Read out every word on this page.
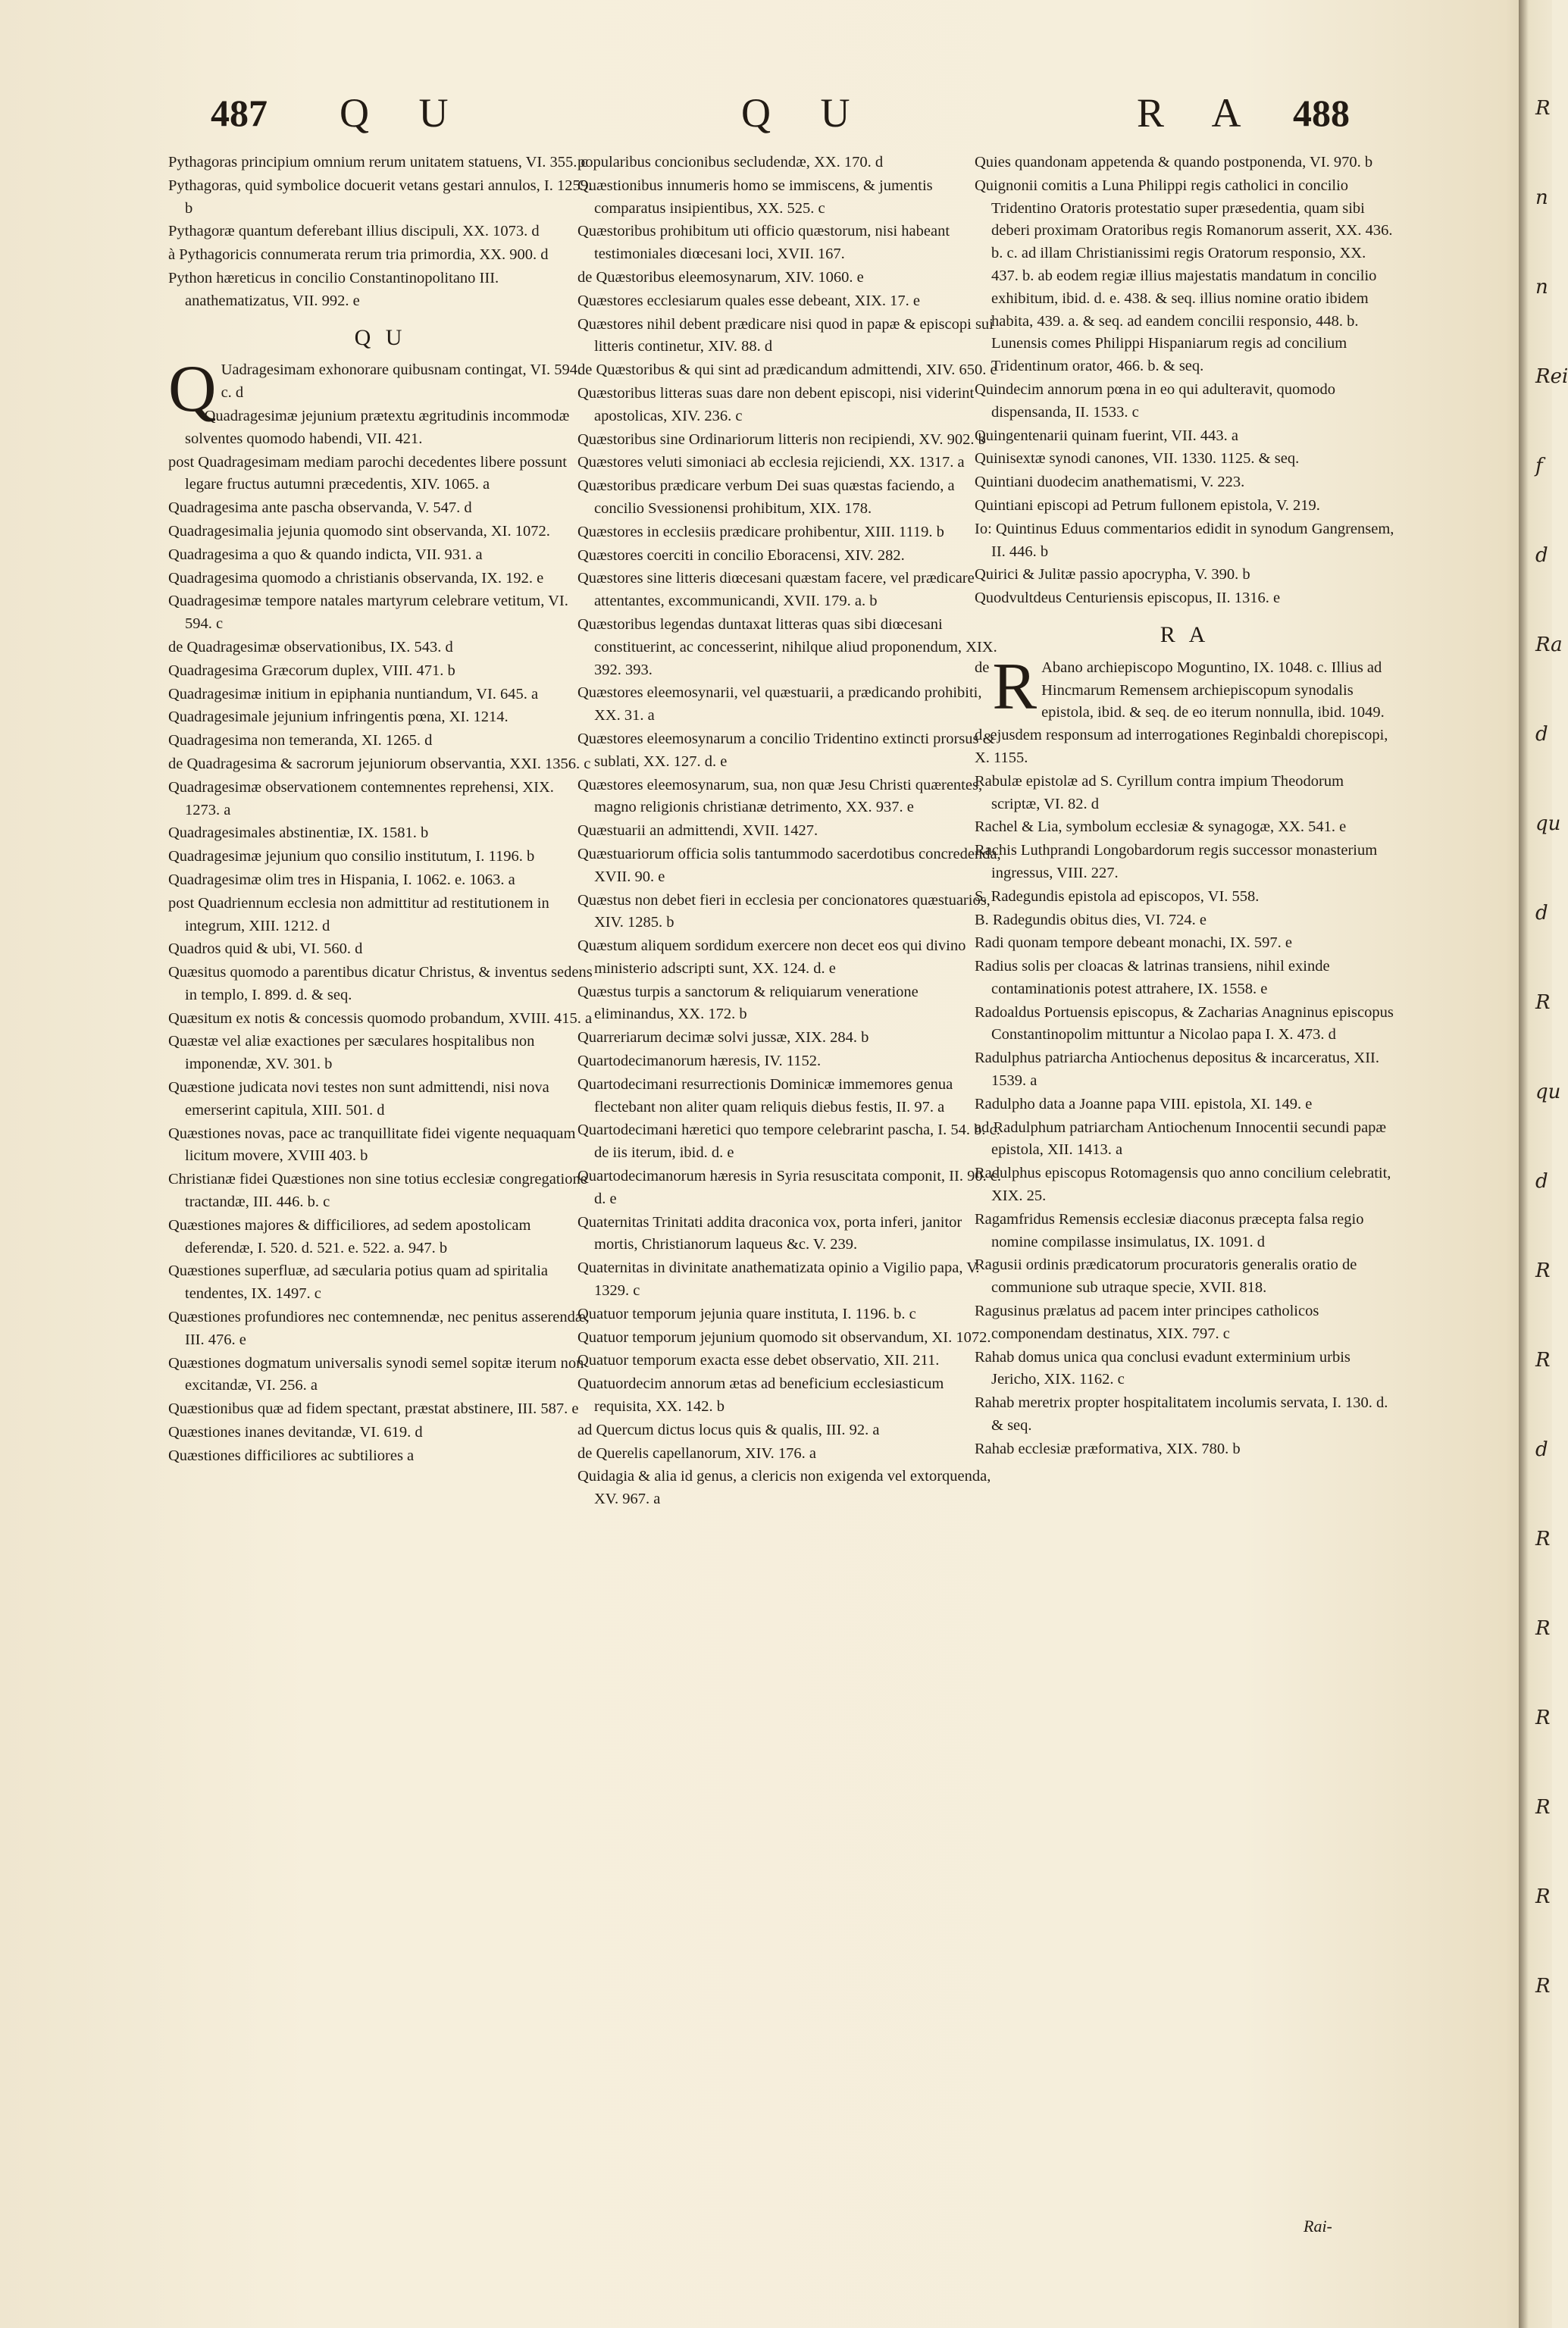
487 Q U	Q U	R A 488
Pythagoras principium omnium rerum unitatem statuens, VI. 355. c
Pythagoras, quid symbolice docuerit vetans gestari annulos, I. 1259. b
Pythagoræ quantum deferebant illius discipuli, XX. 1073. d
à Pythagoricis connumerata rerum tria primordia, XX. 900. d
Python hæreticus in concilio Constantinopolitano III. anathematizatus, VII. 992. e
Q U
Q Uadragesimam exhonorare quibusnam contingat, VI. 594. c. d
Quadragesimæ jejunium prætextu ægritudinis incommodæ solventes quomodo habendi, VII. 421.
post Quadragesimam mediam parochi decedentes libere possunt legare fructus autumni præcedentis, XIV. 1065. a
Quadragesima ante pascha observanda, V. 547. d
Quadragesimalia jejunia quomodo sint observanda, XI. 1072.
Quadragesima a quo & quando indicta, VII. 931. a
Quadragesima quomodo a christianis observanda, IX. 192. e
Quadragesimæ tempore natales martyrum celebrare vetitum, VI. 594. c
de Quadragesimæ observationibus, IX. 543. d
Quadragesima Græcorum duplex, VIII. 471. b
Quadragesimæ initium in epiphania nuntiandum, VI. 645. a
Quadragesimale jejunium infringentis pœna, XI. 1214.
Quadragesima non temeranda, XI. 1265. d
de Quadragesima & sacrorum jejuniorum observantia, XXI. 1356. c
Quadragesimæ observationem contemnentes reprehensi, XIX. 1273. a
Quadragesimales abstinentiæ, IX. 1581. b
Quadragesimæ jejunium quo consilio institutum, I. 1196. b
Quadragesimæ olim tres in Hispania, I. 1062. e. 1063. a
post Quadriennum ecclesia non admittitur ad restitutionem in integrum, XIII. 1212. d
Quadros quid & ubi, VI. 560. d
Quæsitus quomodo a parentibus dicatur Christus, & inventus sedens in templo, I. 899. d. & seq.
Quæsitum ex notis & concessis quomodo probandum, XVIII. 415. a
Quæstæ vel aliæ exactiones per sæculares hospitalibus non imponendæ, XV. 301. b
Quæstione judicata novi testes non sunt admittendi, nisi nova emerserint capitula, XIII. 501. d
Quæstiones novas, pace ac tranquillitate fidei vigente nequaquam licitum movere, XVIII 403. b
Christianæ fidei Quæstiones non sine totius ecclesiæ congregatione tractandæ, III. 446. b. c
Quæstiones majores & difficiliores, ad sedem apostolicam deferendæ, I. 520. d. 521. e. 522. a. 947. b
Quæstiones superfluæ, ad sæcularia potius quam ad spiritalia tendentes, IX. 1497. c
Quæstiones profundiores nec contemnendæ, nec penitus asserendæ, III. 476. e
Quæstiones dogmatum universalis synodi semel sopitæ iterum non excitandæ, VI. 256. a
Quæstionibus quæ ad fidem spectant, præstat abstinere, III. 587. e
Quæstiones inanes devitandæ, VI. 619. d
Quæstiones difficiliores ac subtiliores a
popularibus concionibus secludendæ, XX. 170. d
Quæstionibus innumeris homo se immiscens, & jumentis comparatus insipientibus, XX. 525. c
Quæstoribus prohibitum uti officio quæstorum, nisi habeant testimoniales diœcesani loci, XVII. 167.
de Quæstoribus eleemosynarum, XIV. 1060. e
Quæstores ecclesiarum quales esse debeant, XIX. 17. e
Quæstores nihil debent prædicare nisi quod in papæ & episcopi sui litteris continetur, XIV. 88. d
de Quæstoribus & qui sint ad prædicandum admittendi, XIV. 650. e
Quæstoribus litteras suas dare non debent episcopi, nisi viderint apostolicas, XIV. 236. c
Quæstoribus sine Ordinariorum litteris non recipiendi, XV. 902. b
Quæstores veluti simoniaci ab ecclesia rejiciendi, XX. 1317. a
Quæstoribus prædicare verbum Dei suas quæstas faciendo, a concilio Svessionensi prohibitum, XIX. 178.
Quæstores in ecclesiis prædicare prohibentur, XIII. 1119. b
Quæstores coerciti in concilio Eboracensi, XIV. 282.
Quæstores sine litteris diœcesani quæstam facere, vel prædicare attentantes, excommunicandi, XVII. 179. a. b
Quæstoribus legendas duntaxat litteras quas sibi diœcesani constituerint, ac concesserint, nihilque aliud proponendum, XIX. 392. 393.
Quæstores eleemosynarii, vel quæstuarii, a prædicando prohibiti, XX. 31. a
Quæstores eleemosynarum a concilio Tridentino extincti prorsus & sublati, XX. 127. d. e
Quæstores eleemosynarum, sua, non quæ Jesu Christi quærentes, magno religionis christianæ detrimento, XX. 937. e
Quæstuarii an admittendi, XVII. 1427.
Quæstuariorum officia solis tantummodo sacerdotibus concredenda, XVII. 90. e
Quæstus non debet fieri in ecclesia per concionatores quæstuarios, XIV. 1285. b
Quæstum aliquem sordidum exercere non decet eos qui divino ministerio adscripti sunt, XX. 124. d. e
Quæstus turpis a sanctorum & reliquiarum veneratione eliminandus, XX. 172. b
Quarreriarum decimæ solvi jussæ, XIX. 284. b
Quartodecimanorum hæresis, IV. 1152.
Quartodecimani resurrectionis Dominicæ immemores genua flectebant non aliter quam reliquis diebus festis, II. 97. a
Quartodecimani hæretici quo tempore celebrarint pascha, I. 54. b. c. de iis iterum, ibid. d. e
Quartodecimanorum hæresis in Syria resuscitata componit, II. 90. c. d. e
Quaternitas Trinitati addita draconica vox, porta inferi, janitor mortis, Christianorum laqueus &c. V. 239.
Quaternitas in divinitate anathematizata opinio a Vigilio papa, V. 1329. c
Quatuor temporum jejunia quare instituta, I. 1196. b. c
Quatuor temporum jejunium quomodo sit observandum, XI. 1072.
Quatuor temporum exacta esse debet observatio, XII. 211.
Quatuordecim annorum ætas ad beneficium ecclesiasticum requisita, XX. 142. b
ad Quercum dictus locus quis & qualis, III. 92. a
de Querelis capellanorum, XIV. 176. a
Quidagia & alia id genus, a clericis non exigenda vel extorquenda, XV. 967. a
Quies quandonam appetenda & quando postponenda, VI. 970. b
Quignonii comitis a Luna Philippi regis catholici in concilio Tridentino Oratoris protestatio super præsedentia, quam sibi deberi proximam Oratoribus regis Romanorum asserit, XX. 436. b. c. ad illam Christianissimi regis Oratorum responsio, XX. 437. b. ab eodem regiæ illius majestatis mandatum in concilio exhibitum, ibid. d. e. 438. & seq. illius nomine oratio ibidem habita, 439. a. & seq. ad eandem concilii responsio, 448. b. Lunensis comes Philippi Hispaniarum regis ad concilium Tridentinum orator, 466. b. & seq.
Quindecim annorum pœna in eo qui adulteravit, quomodo dispensanda, II. 1533. c
Quingentenarii quinam fuerint, VII. 443. a
Quinisextæ synodi canones, VII. 1330. 1125. & seq.
Quintiani duodecim anathematismi, V. 223.
Quintiani episcopi ad Petrum fullonem epistola, V. 219.
Io: Quintinus Eduus commentarios edidit in synodum Gangrensem, II. 446. b
Quirici & Julitæ passio apocrypha, V. 390. b
Quodvultdeus Centuriensis episcopus, II. 1316. e
R A
de R Abano archiepiscopo Moguntino, IX. 1048. c. Illius ad Hincmarum Remensem archiepiscopum synodalis epistola, ibid. & seq. de eo iterum nonnulla, ibid. 1049. d. ejusdem responsum ad interrogationes Reginbaldi chorepiscopi, X. 1155.
Rabulæ epistolæ ad S. Cyrillum contra impium Theodorum scriptæ, VI. 82. d
Rachel & Lia, symbolum ecclesiæ & synagogæ, XX. 541. e
Rachis Luthprandi Longobardorum regis successor monasterium ingressus, VIII. 227.
S. Radegundis epistola ad episcopos, VI. 558.
B. Radegundis obitus dies, VI. 724. e
Radi quonam tempore debeant monachi, IX. 597. e
Radius solis per cloacas & latrinas transiens, nihil exinde contaminationis potest attrahere, IX. 1558. e
Radoaldus Portuensis episcopus, & Zacharias Anagninus episcopus Constantinopolim mittuntur a Nicolao papa I. X. 473. d
Radulphus patriarcha Antiochenus depositus & incarceratus, XII. 1539. a
Radulpho data a Joanne papa VIII. epistola, XI. 149. e
ad Radulphum patriarcham Antiochenum Innocentii secundi papæ epistola, XII. 1413. a
Radulphus episcopus Rotomagensis quo anno concilium celebratit, XIX. 25.
Ragamfridus Remensis ecclesiæ diaconus præcepta falsa regio nomine compilasse insimulatus, IX. 1091. d
Ragusii ordinis prædicatorum procuratoris generalis oratio de communione sub utraque specie, XVII. 818.
Ragusinus prælatus ad pacem inter principes catholicos componendam destinatus, XIX. 797. c
Rahab domus unica qua conclusi evadunt exterminium urbis Jericho, XIX. 1162. c
Rahab meretrix propter hospitalitatem incolumis servata, I. 130. d. & seq.
Rahab ecclesiæ præformativa, XIX. 780. b
Rai-
R
n
n
Rei
f
d
Ra
d
qu
d
R
qu
d
R
R
d
R
R
R
R
R
R
